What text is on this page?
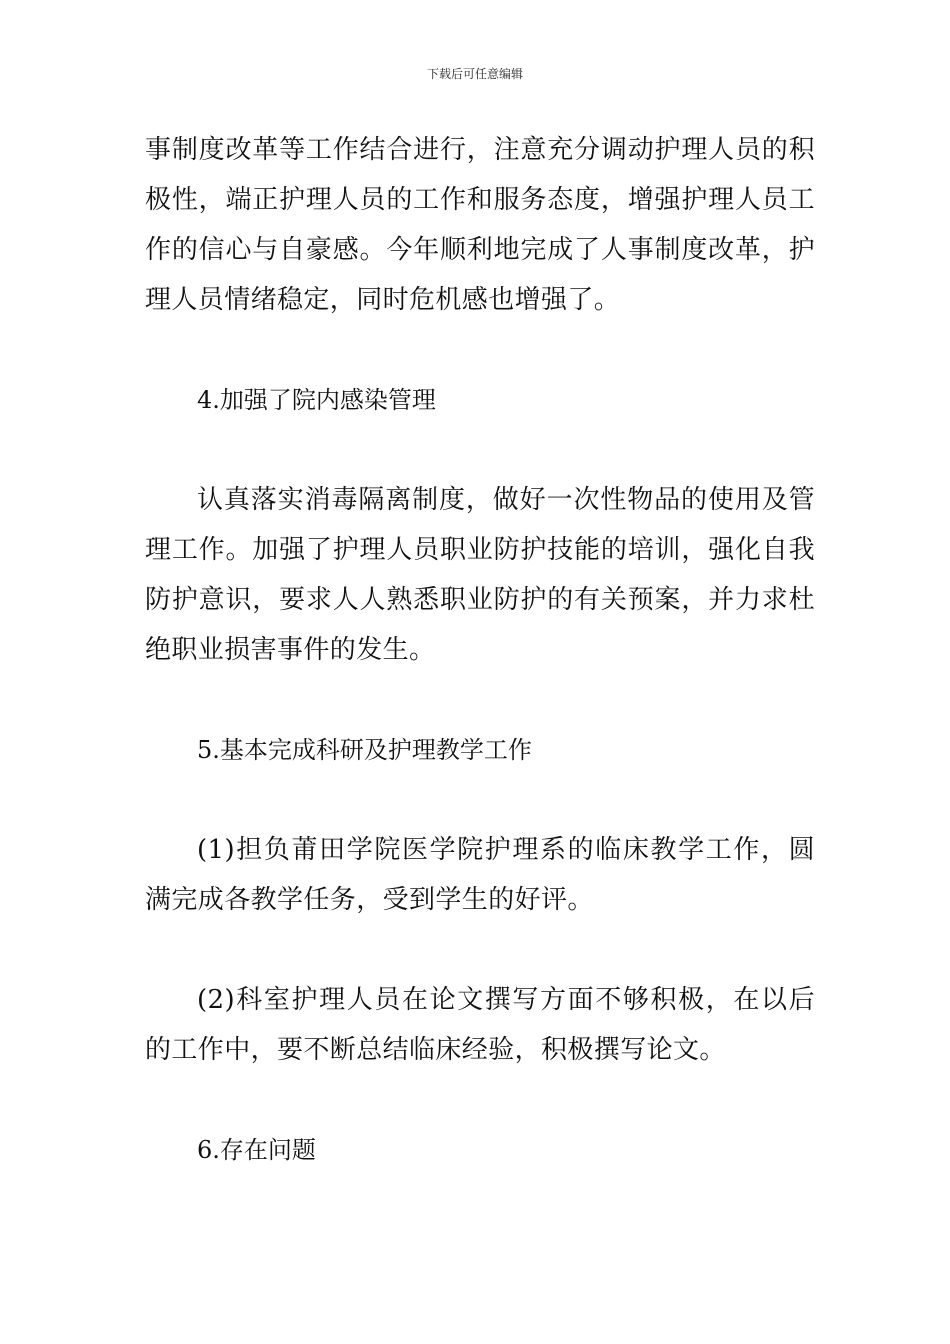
下载后可任意编辑

事制度改革等工作结合进行，注意充分调动护理人员的积极性，端正护理人员的工作和服务态度，增强护理人员工作的信心与自豪感。今年顺利地完成了人事制度改革，护理人员情绪稳定，同时危机感也增强了。

4.加强了院内感染管理

认真落实消毒隔离制度，做好一次性物品的使用及管理工作。加强了护理人员职业防护技能的培训，强化自我防护意识，要求人人熟悉职业防护的有关预案，并力求杜绝职业损害事件的发生。

5.基本完成科研及护理教学工作

(1)担负莆田学院医学院护理系的临床教学工作，圆满完成各教学任务，受到学生的好评。

(2)科室护理人员在论文撰写方面不够积极，在以后的工作中，要不断总结临床经验，积极撰写论文。

6.存在问题
